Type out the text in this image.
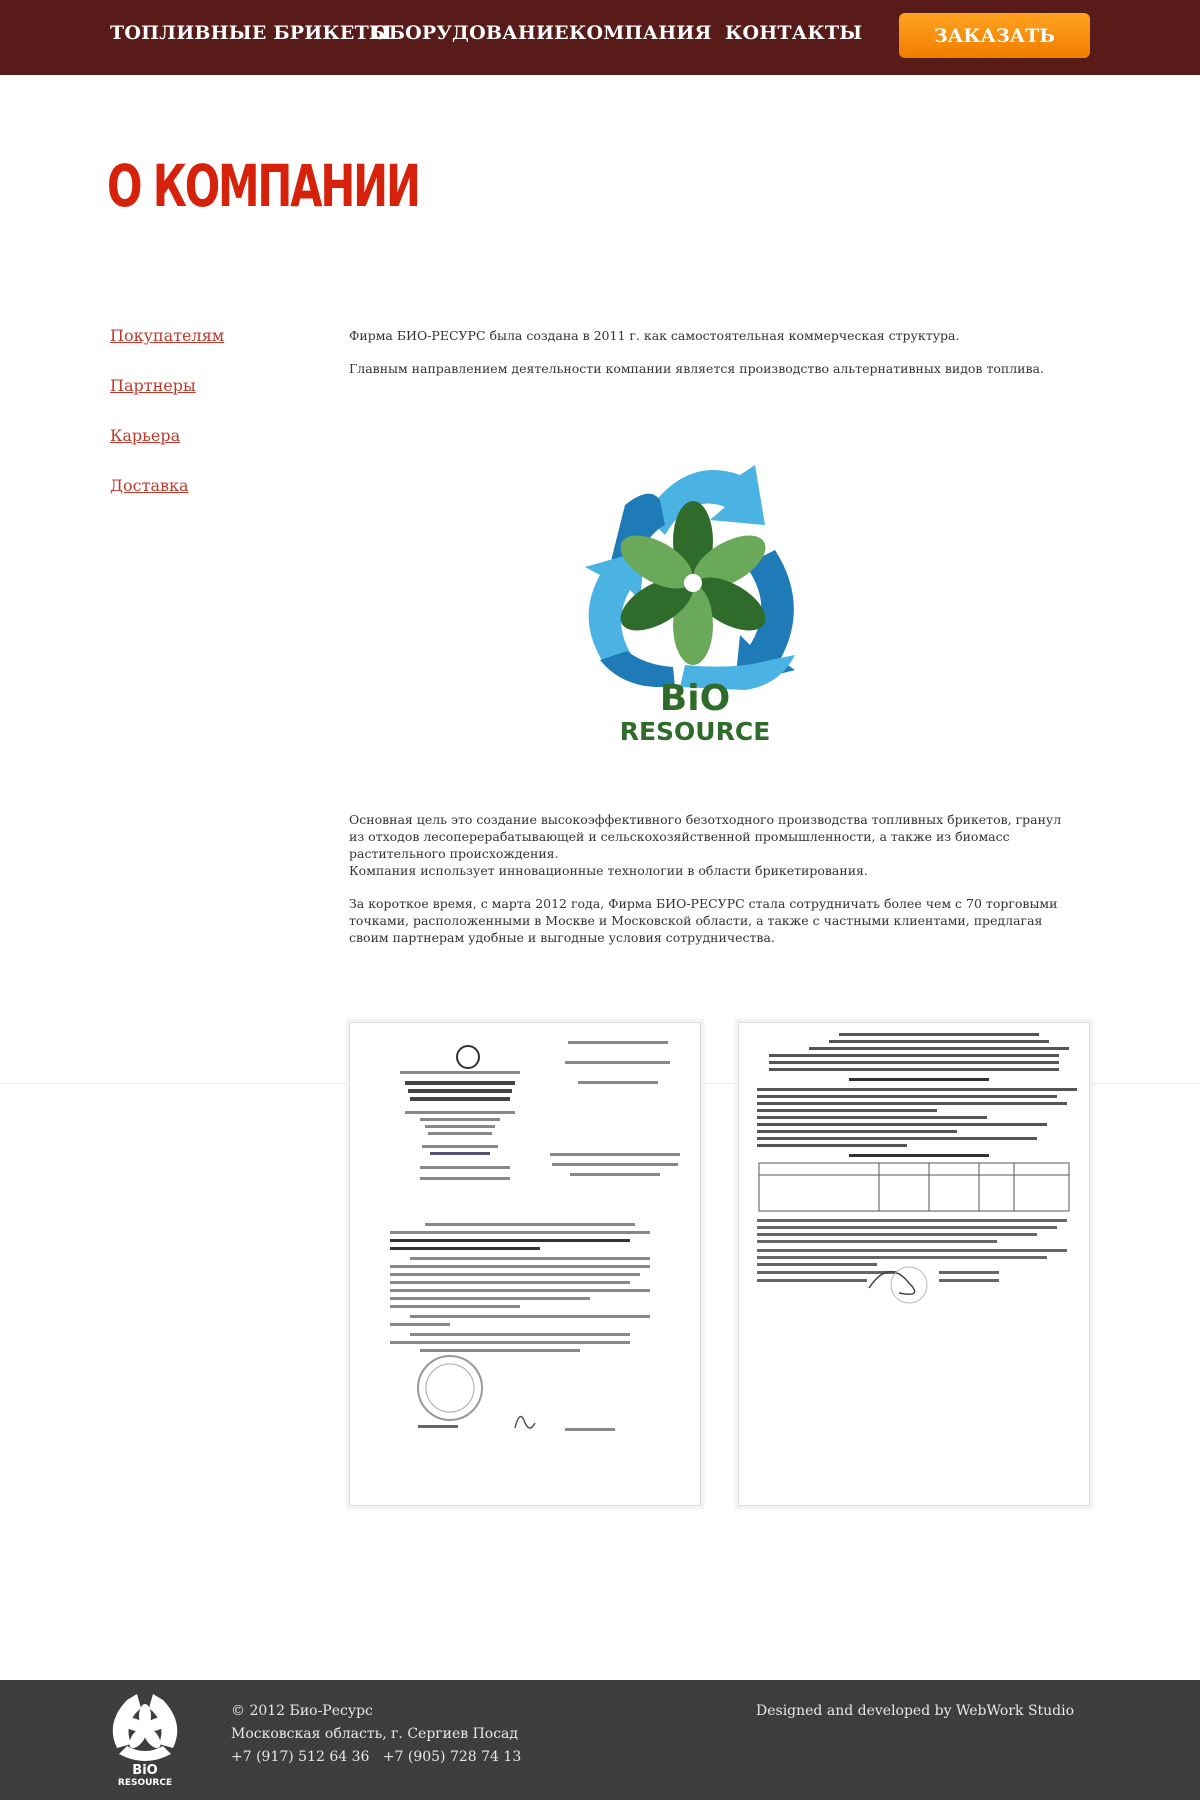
ТОПЛИВНЫЕ БРИКЕТЫ
ОБОРУДОВАНИЕ КОМПАНИЯ КОНТАКТЫ	ЗАКАЗАТЬ
О КОМПАНИИ
Покупателям
Партнеры
Карьера
Доставка

Фирма БИО-РЕСУРС была создана в 2011 г. как самостоятельная коммерческая структура.

Главным направлением деятельности компании является производство альтернативных видов топлива.

BiO
RESOURCE

Основная цель это создание высокоэффективного безотходного производства топливных брикетов, гранул из отходов лесоперерабатывающей и сельскохозяйственной промышленности, а также из биомасс растительного происхождения.

Компания использует инновационные технологии в области брикетирования.

За короткое время, с марта 2012 года, Фирма БИО-РЕСУРС стала сотрудничать более чем с 70 торговыми точками, расположенными в Москве и Московской области, а также с частными клиентами, предлагая своим партнерам удобные и выгодные условия сотрудничества.

BiO
RESOURCE
© 2012 Био-Ресурс
Московская область, г. Сергиев Посад
+7 (917) 512 64 36   +7 (905) 728 74 13
Designed and developed by WebWork Studio
